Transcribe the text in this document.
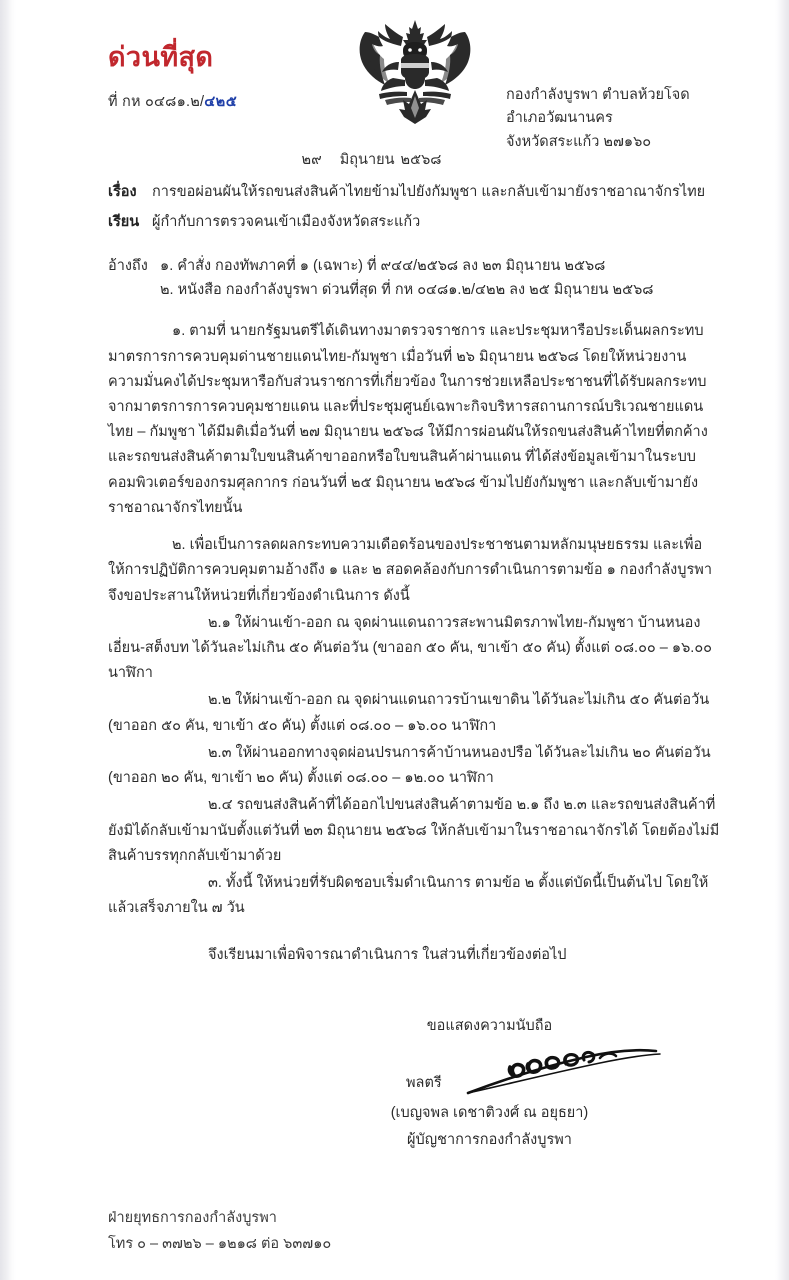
ด่วนที่สุด
ที่ กห ๐๔๘๑.๒/๔๒๕	กองกำลังบูรพา ตำบลห้วยโจด
อำเภอวัฒนานคร
จังหวัดสระแก้ว ๒๗๑๖๐
๒๙ มิถุนายน ๒๕๖๘
เรื่อง	การขอผ่อนผันให้รถขนส่งสินค้าไทยข้ามไปยังกัมพูชา และกลับเข้ามายังราชอาณาจักรไทย
เรียน ผู้กำกับการตรวจคนเข้าเมืองจังหวัดสระแก้ว
อ้างถึง ๑. คำสั่ง กองทัพภาคที่ ๑ (เฉพาะ) ที่ ๙๔๔/๒๕๖๘ ลง ๒๓ มิถุนายน ๒๕๖๘
๒. หนังสือ กองกำลังบูรพา ด่วนที่สุด ที่ กห ๐๔๘๑.๒/๔๒๒ ลง ๒๕ มิถุนายน ๒๕๖๘
๑. ตามที่ นายกรัฐมนตรีได้เดินทางมาตรวจราชการ และประชุมหารือประเด็นผลกระทบมาตรการการควบคุมด่านชายแดนไทย-กัมพูชา เมื่อวันที่ ๒๖ มิถุนายน ๒๕๖๘ โดยให้หน่วยงานความมั่นคงได้ประชุมหารือกับส่วนราชการที่เกี่ยวข้อง ในการช่วยเหลือประชาชนที่ได้รับผลกระทบจากมาตรการการควบคุมชายแดน และที่ประชุมศูนย์เฉพาะกิจบริหารสถานการณ์บริเวณชายแดนไทย – กัมพูชา ได้มีมติเมื่อวันที่ ๒๗ มิถุนายน ๒๕๖๘ ให้มีการผ่อนผันให้รถขนส่งสินค้าไทยที่ตกค้าง และรถขนส่งสินค้าตามใบขนสินค้าขาออกหรือใบขนสินค้าผ่านแดน ที่ได้ส่งข้อมูลเข้ามาในระบบคอมพิวเตอร์ของกรมศุลกากร ก่อนวันที่ ๒๕ มิถุนายน ๒๕๖๘ ข้ามไปยังกัมพูชา และกลับเข้ามายังราชอาณาจักรไทยนั้น
๒. เพื่อเป็นการลดผลกระทบความเดือดร้อนของประชาชนตามหลักมนุษยธรรม และเพื่อให้การปฏิบัติการควบคุมตามอ้างถึง ๑ และ ๒ สอดคล้องกับการดำเนินการตามข้อ ๑ กองกำลังบูรพา จึงขอประสานให้หน่วยที่เกี่ยวข้องดำเนินการ ดังนี้
๒.๑ ให้ผ่านเข้า-ออก ณ จุดผ่านแดนถาวรสะพานมิตรภาพไทย-กัมพูชา บ้านหนองเอี่ยน-สต็งบท ได้วันละไม่เกิน ๕๐ คันต่อวัน (ขาออก ๕๐ คัน, ขาเข้า ๕๐ คัน) ตั้งแต่ ๐๘.๐๐ – ๑๖.๐๐ นาฬิกา
๒.๒ ให้ผ่านเข้า-ออก ณ จุดผ่านแดนถาวรบ้านเขาดิน ได้วันละไม่เกิน ๕๐ คันต่อวัน (ขาออก ๕๐ คัน, ขาเข้า ๕๐ คัน) ตั้งแต่ ๐๘.๐๐ – ๑๖.๐๐ นาฬิกา
๒.๓ ให้ผ่านออกทางจุดผ่อนปรนการค้าบ้านหนองปรือ ได้วันละไม่เกิน ๒๐ คันต่อวัน (ขาออก ๒๐ คัน, ขาเข้า ๒๐ คัน) ตั้งแต่ ๐๘.๐๐ – ๑๒.๐๐ นาฬิกา
๒.๔ รถขนส่งสินค้าที่ได้ออกไปขนส่งสินค้าตามข้อ ๒.๑ ถึง ๒.๓ และรถขนส่งสินค้าที่ยังมิได้กลับเข้ามานับตั้งแต่วันที่ ๒๓ มิถุนายน ๒๕๖๘ ให้กลับเข้ามาในราชอาณาจักรได้ โดยต้องไม่มีสินค้าบรรทุกกลับเข้ามาด้วย
๓. ทั้งนี้ ให้หน่วยที่รับผิดชอบเริ่มดำเนินการ ตามข้อ ๒ ตั้งแต่บัดนี้เป็นต้นไป โดยให้แล้วเสร็จภายใน ๗ วัน
จึงเรียนมาเพื่อพิจารณาดำเนินการ ในส่วนที่เกี่ยวข้องต่อไป
ขอแสดงความนับถือ
พลตรี
(เบญจพล เดชาติวงศ์ ณ อยุธยา)
ผู้บัญชาการกองกำลังบูรพา
ฝ่ายยุทธการกองกำลังบูรพา
โทร ๐ – ๓๗๒๖ – ๑๒๑๘ ต่อ ๖๓๗๑๐
